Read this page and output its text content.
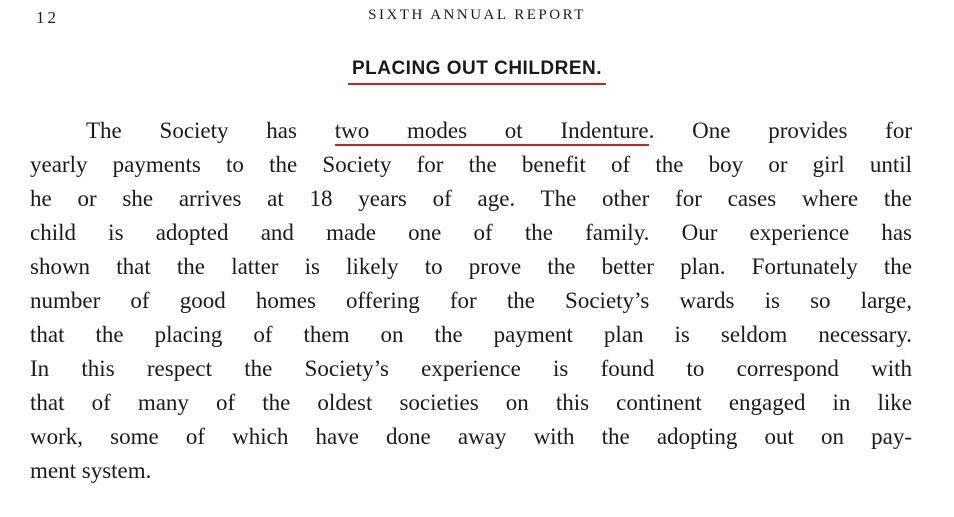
12	SIXTH ANNUAL REPORT
PLACING OUT CHILDREN.
The Society has two modes ot Indenture. One provides for
yearly payments to the Society for the benefit of the boy or girl until
he or she arrives at 18 years of age. The other for cases where the
child is adopted and made one of the family. Our experience has
shown that the latter is likely to prove the better plan. Fortunately the
number of good homes offering for the Society’s wards is so large,
that the placing of them on the payment plan is seldom necessary.
In this respect the Society’s experience is found to correspond with
that of many of the oldest societies on this continent engaged in like
work, some of which have done away with the adopting out on pay-
ment system.
